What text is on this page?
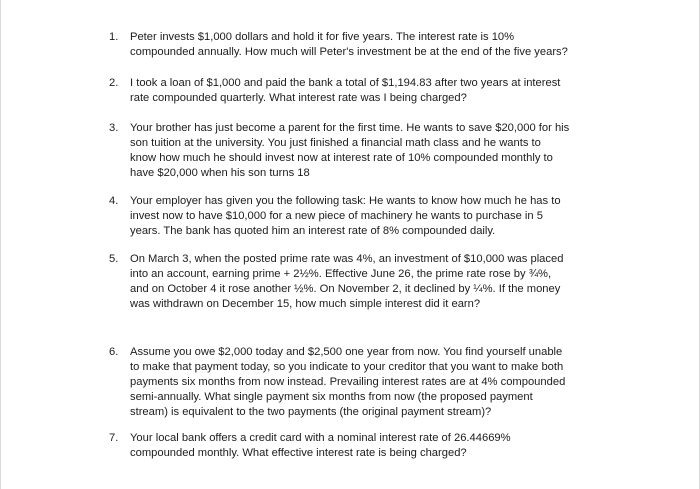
1.	Peter invests $1,000 dollars and hold it for five years. The interest rate is 10%
compounded annually. How much will Peter's investment be at the end of the five years?
2.	I took a loan of $1,000 and paid the bank a total of $1,194.83 after two years at interest
rate compounded quarterly. What interest rate was I being charged?
3.	Your brother has just become a parent for the first time. He wants to save $20,000 for his
son tuition at the university. You just finished a financial math class and he wants to
know how much he should invest now at interest rate of 10% compounded monthly to
have $20,000 when his son turns 18
4.	Your employer has given you the following task: He wants to know how much he has to
invest now to have $10,000 for a new piece of machinery he wants to purchase in 5
years. The bank has quoted him an interest rate of 8% compounded daily.
5.	On March 3, when the posted prime rate was 4%, an investment of $10,000 was placed
into an account, earning prime + 2½%. Effective June 26, the prime rate rose by ¾%,
and on October 4 it rose another ½%. On November 2, it declined by ¼%. If the money
was withdrawn on December 15, how much simple interest did it earn?
6.	Assume you owe $2,000 today and $2,500 one year from now. You find yourself unable
to make that payment today, so you indicate to your creditor that you want to make both
payments six months from now instead. Prevailing interest rates are at 4% compounded
semi-annually. What single payment six months from now (the proposed payment
stream) is equivalent to the two payments (the original payment stream)?
7.	Your local bank offers a credit card with a nominal interest rate of 26.44669%
compounded monthly. What effective interest rate is being charged?
